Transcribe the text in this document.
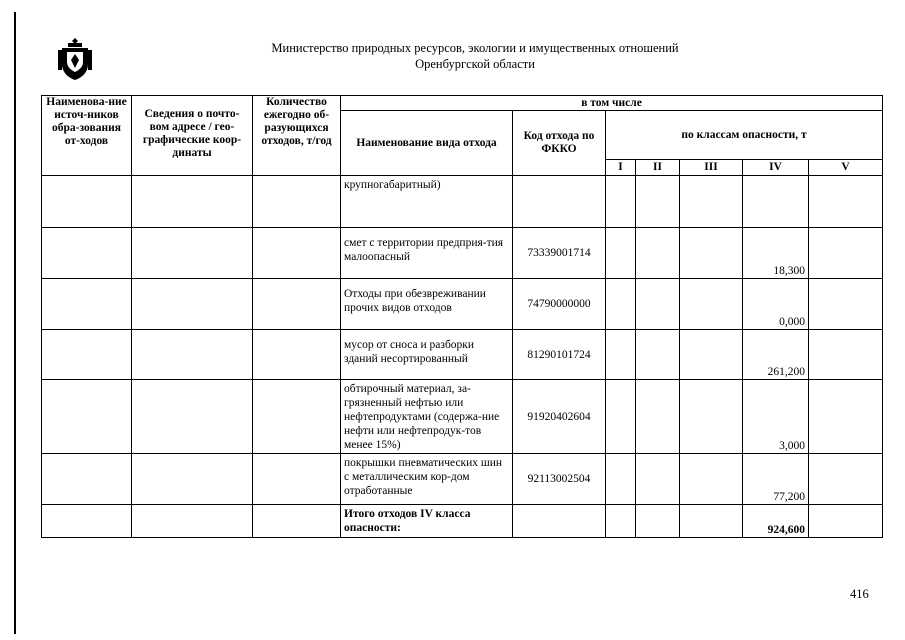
Министерство природных ресурсов, экологии и имущественных отношений
Оренбургской области
Наименова-ние источ-ников обра-зования от-ходов	Сведения о почто-вом адресе / гео-графические коор-динаты	Количество ежегодно об-разующихся отходов, т/год	в том числе						
			Наименование вида отхода	Код отхода по ФККО	по классам опасности, т				
					I	II	III	IV	V
			крупногабаритный)						
			смет с территории предприя-тия малоопасный	73339001714				18,300	
			Отходы при обезвреживании прочих видов отходов	74790000000				0,000	
			мусор от сноса и разборки зданий несортированный	81290101724				261,200	
			обтирочный материал, за-грязненный нефтью или нефтепродуктами (содержа-ние нефти или нефтепродук-тов менее 15%)	91920402604				3,000	
			покрышки пневматических шин с металлическим кор-дом отработанные	92113002504				77,200	
			Итого отходов IV класса опасности:					924,600	
416
